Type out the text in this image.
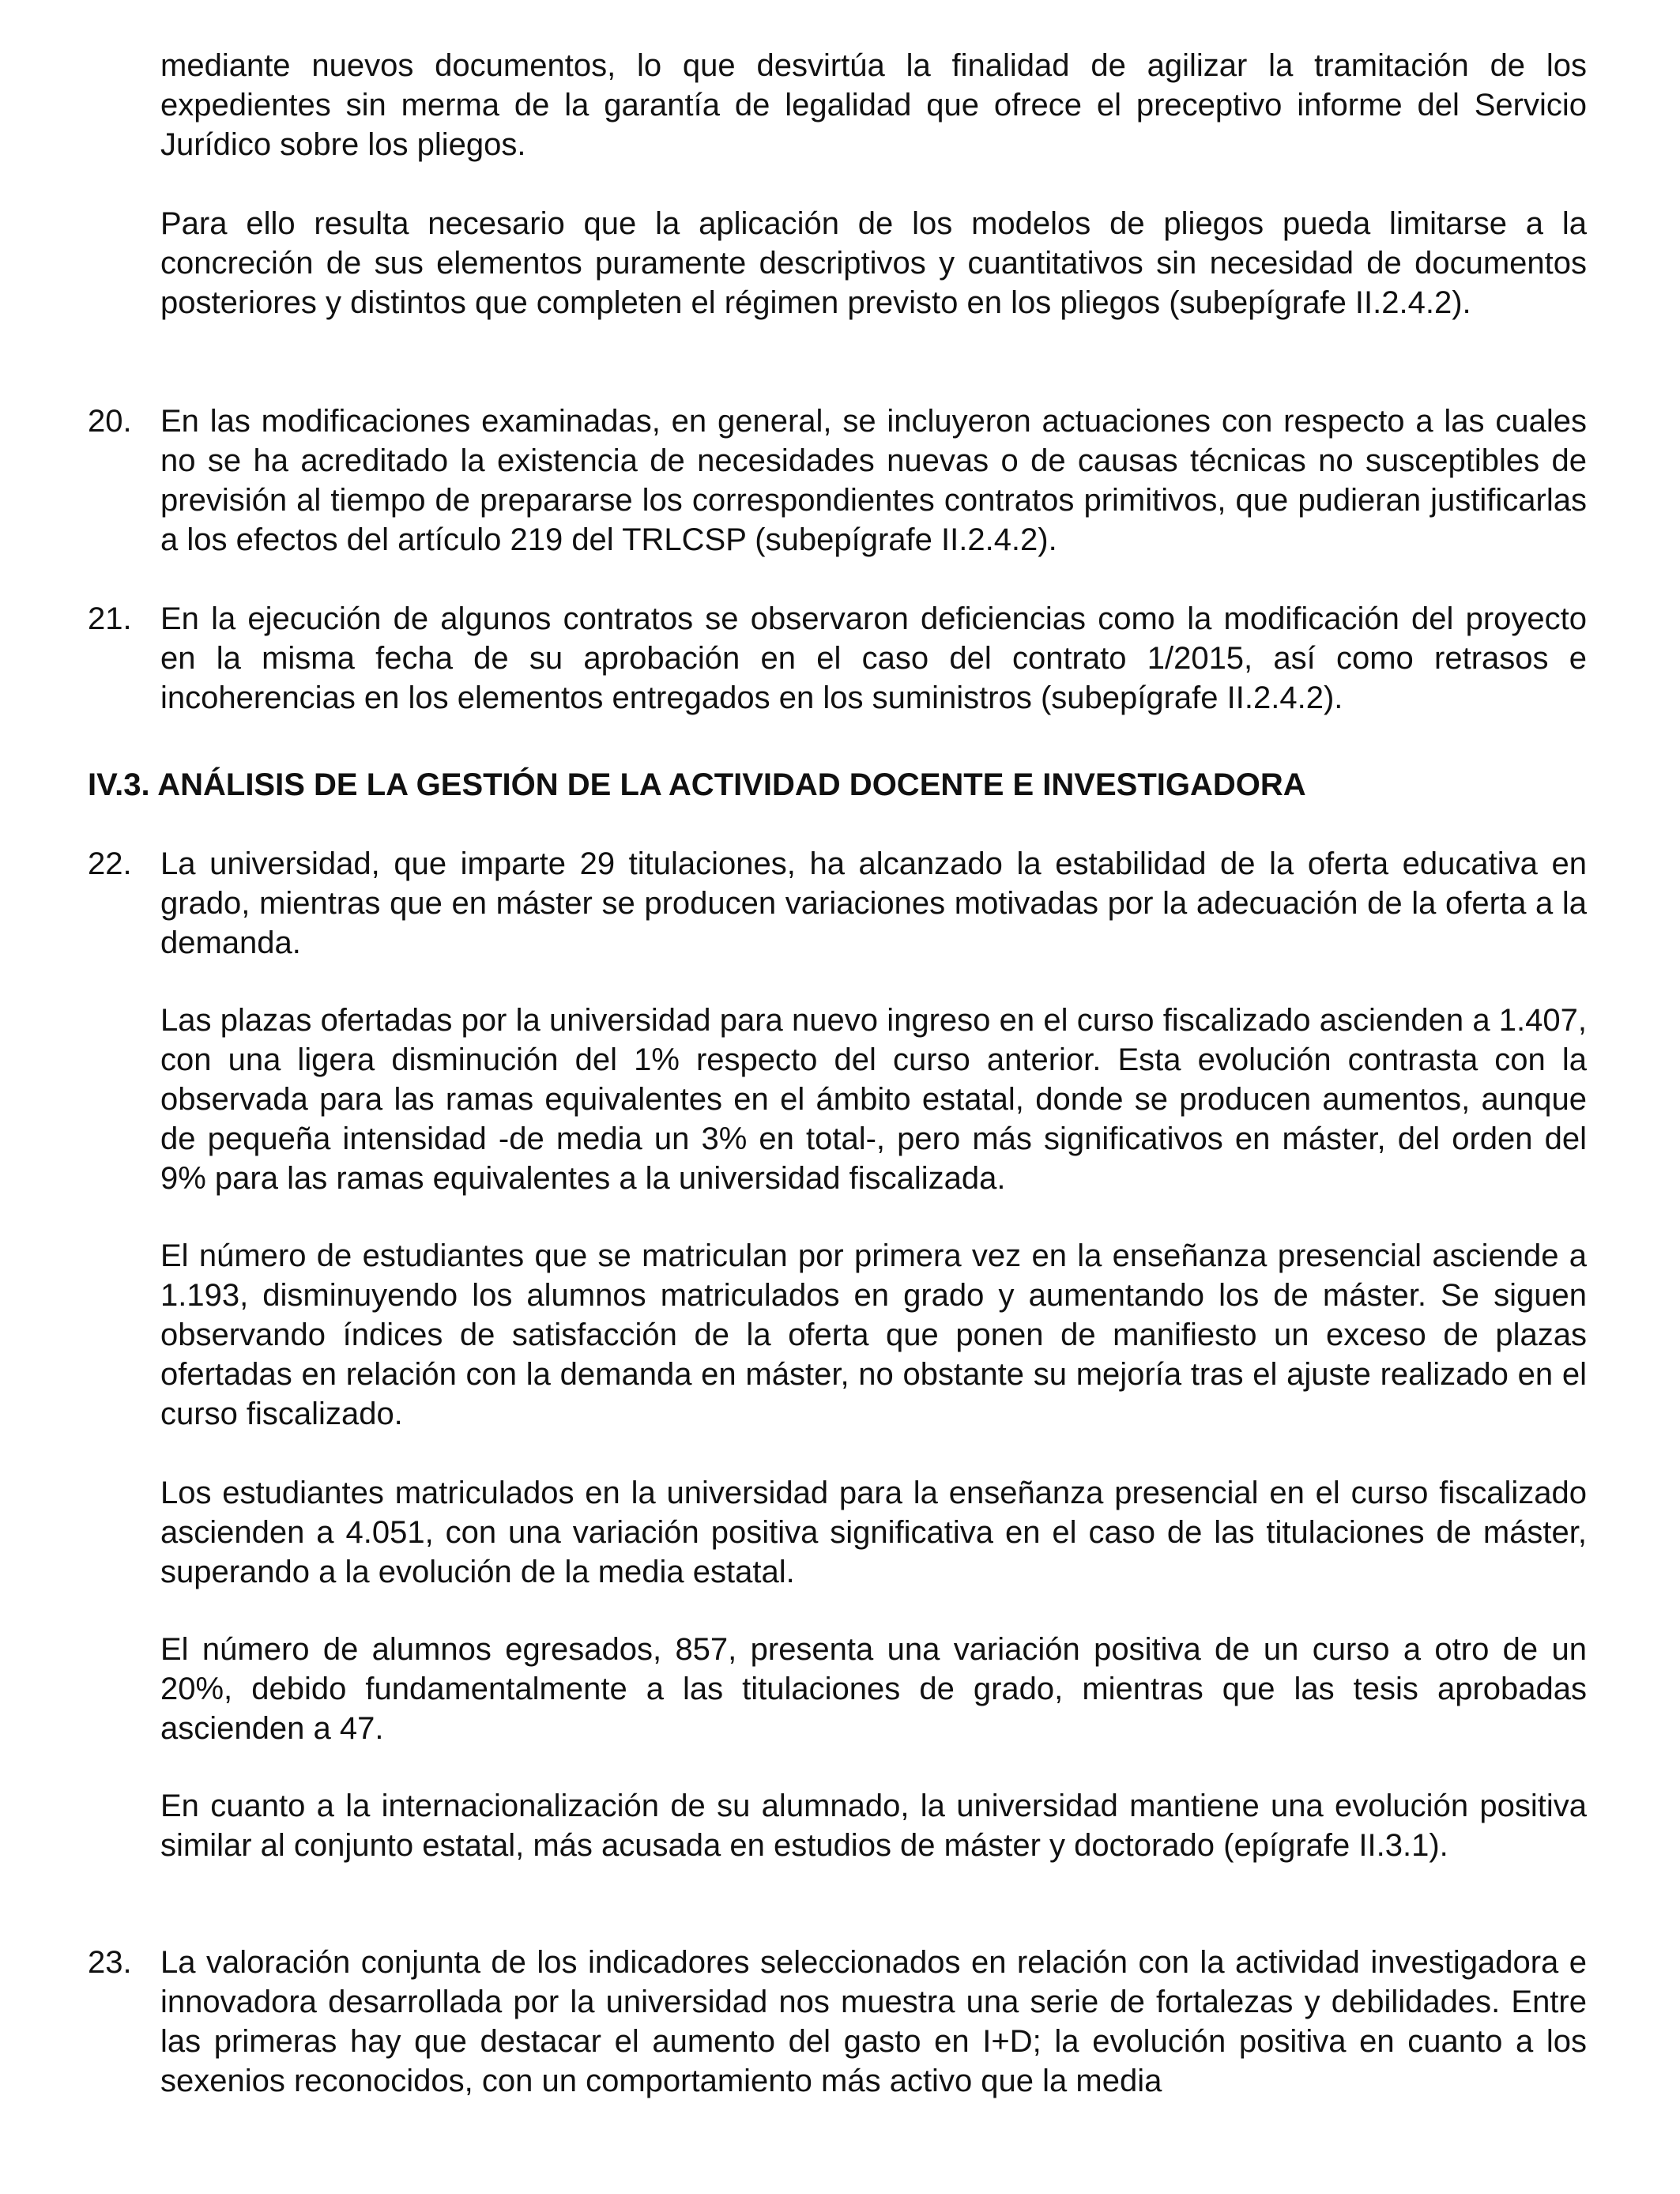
mediante nuevos documentos, lo que desvirtúa la finalidad de agilizar la tramitación de los expedientes sin merma de la garantía de legalidad que ofrece el preceptivo informe del Servicio Jurídico sobre los pliegos.

Para ello resulta necesario que la aplicación de los modelos de pliegos pueda limitarse a la concreción de sus elementos puramente descriptivos y cuantitativos sin necesidad de documentos posteriores y distintos que completen el régimen previsto en los pliegos (subepígrafe II.2.4.2).

20. En las modificaciones examinadas, en general, se incluyeron actuaciones con respecto a las cuales no se ha acreditado la existencia de necesidades nuevas o de causas técnicas no susceptibles de previsión al tiempo de prepararse los correspondientes contratos primitivos, que pudieran justificarlas a los efectos del artículo 219 del TRLCSP (subepígrafe II.2.4.2).

21. En la ejecución de algunos contratos se observaron deficiencias como la modificación del proyecto en la misma fecha de su aprobación en el caso del contrato 1/2015, así como retrasos e incoherencias en los elementos entregados en los suministros (subepígrafe II.2.4.2).

IV.3. ANÁLISIS DE LA GESTIÓN DE LA ACTIVIDAD DOCENTE E INVESTIGADORA
22. La universidad, que imparte 29 titulaciones, ha alcanzado la estabilidad de la oferta educativa en grado, mientras que en máster se producen variaciones motivadas por la adecuación de la oferta a la demanda.

Las plazas ofertadas por la universidad para nuevo ingreso en el curso fiscalizado ascienden a 1.407, con una ligera disminución del 1% respecto del curso anterior. Esta evolución contrasta con la observada para las ramas equivalentes en el ámbito estatal, donde se producen aumentos, aunque de pequeña intensidad -de media un 3% en total-, pero más significativos en máster, del orden del 9% para las ramas equivalentes a la universidad fiscalizada.

El número de estudiantes que se matriculan por primera vez en la enseñanza presencial asciende a 1.193, disminuyendo los alumnos matriculados en grado y aumentando los de máster. Se siguen observando índices de satisfacción de la oferta que ponen de manifiesto un exceso de plazas ofertadas en relación con la demanda en máster, no obstante su mejoría tras el ajuste realizado en el curso fiscalizado.

Los estudiantes matriculados en la universidad para la enseñanza presencial en el curso fiscalizado ascienden a 4.051, con una variación positiva significativa en el caso de las titulaciones de máster, superando a la evolución de la media estatal.

El número de alumnos egresados, 857, presenta una variación positiva de un curso a otro de un 20%, debido fundamentalmente a las titulaciones de grado, mientras que las tesis aprobadas ascienden a 47.

En cuanto a la internacionalización de su alumnado, la universidad mantiene una evolución positiva similar al conjunto estatal, más acusada en estudios de máster y doctorado (epígrafe II.3.1).

23. La valoración conjunta de los indicadores seleccionados en relación con la actividad investigadora e innovadora desarrollada por la universidad nos muestra una serie de fortalezas y debilidades. Entre las primeras hay que destacar el aumento del gasto en I+D; la evolución positiva en cuanto a los sexenios reconocidos, con un comportamiento más activo que la media
